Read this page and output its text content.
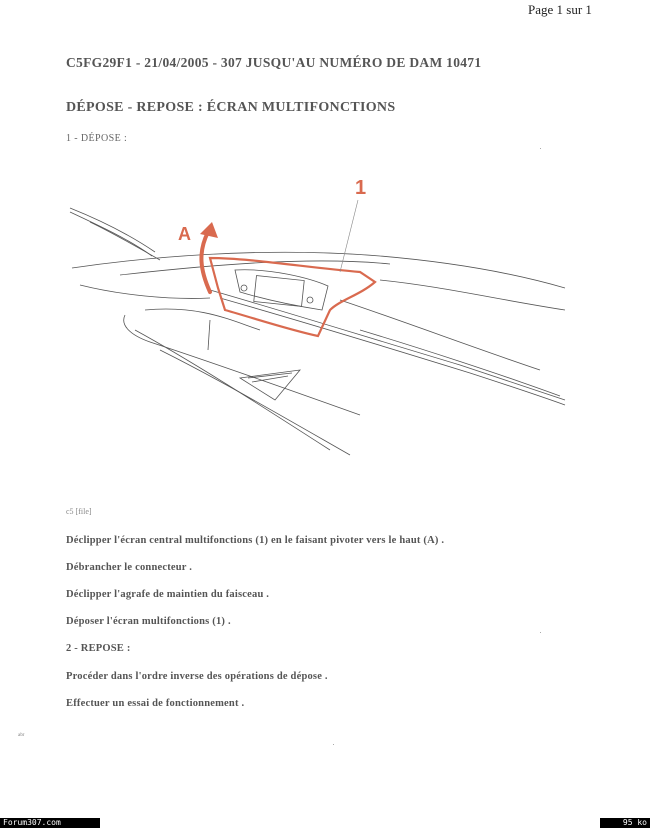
Page 1 sur 1
C5FG29F1 - 21/04/2005 - 307 JUSQU'AU NUMÉRO DE DAM 10471
DÉPOSE - REPOSE : ÉCRAN MULTIFONCTIONS
1 - DÉPOSE :
1
A
c5 [file]
Déclipper l'écran central multifonctions (1) en le faisant pivoter vers le haut (A) .
Débrancher le connecteur .
Déclipper l'agrafe de maintien du faisceau .
Déposer l'écran multifonctions (1) .
2 - REPOSE :
Procéder dans l'ordre inverse des opérations de dépose .
Effectuer un essai de fonctionnement .
ᵃᵇʳ
Forum307.com	95 ko
